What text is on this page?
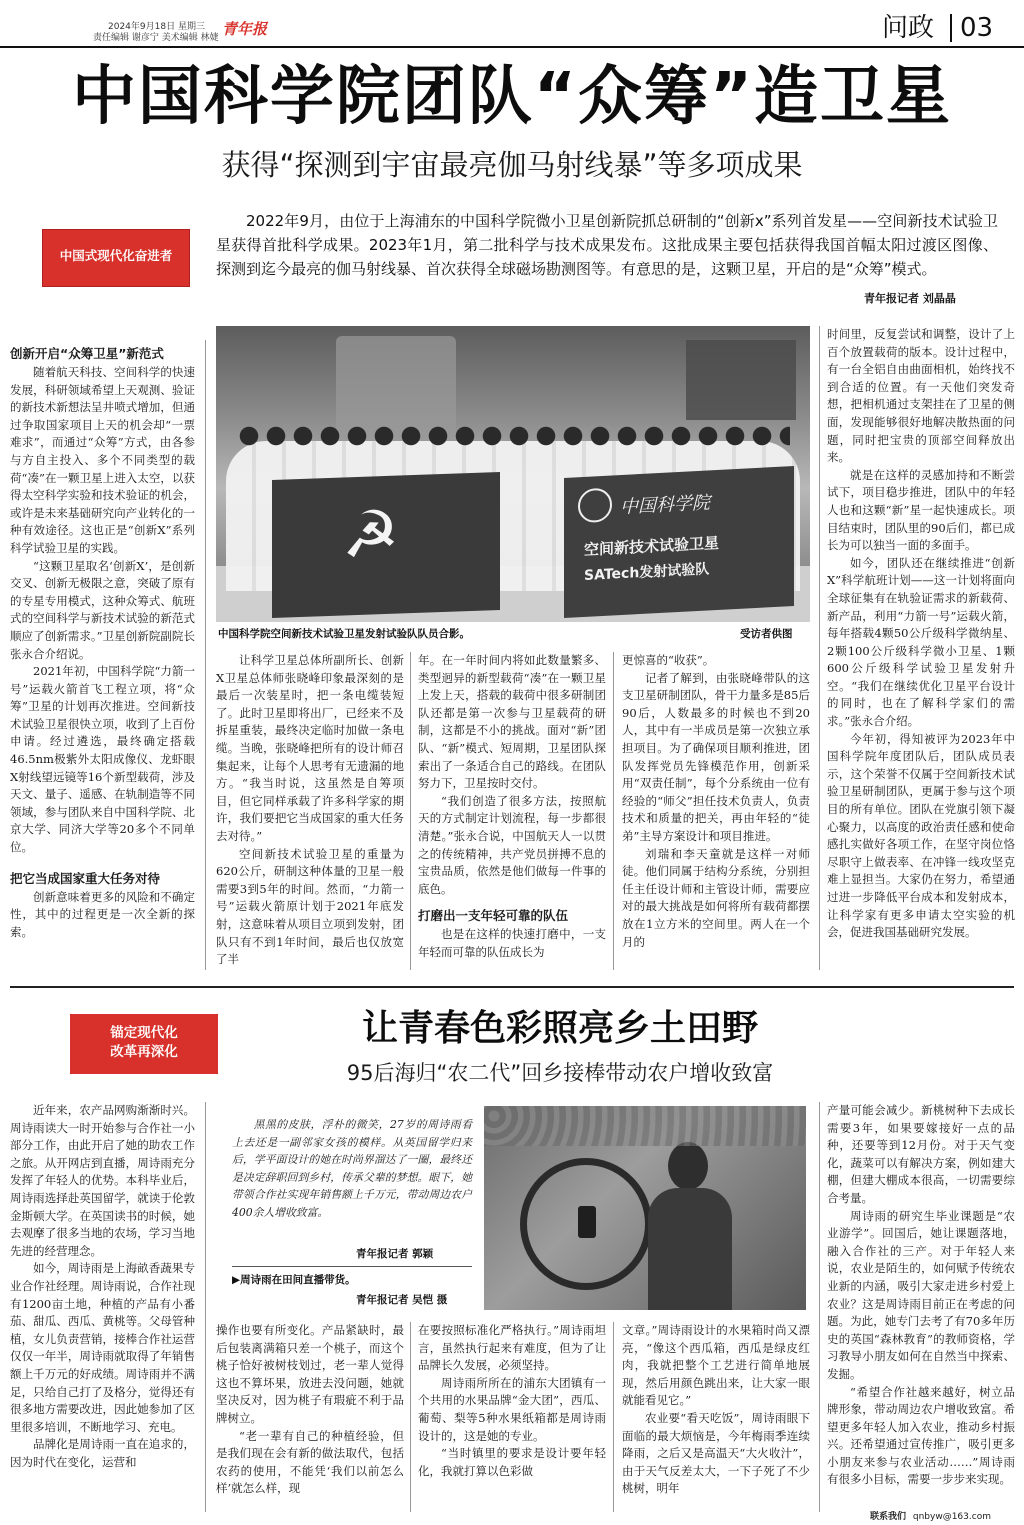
2024年9月18日 星期三
责任编辑 谢彦宁 美术编辑 林婕 青年报	问政 03
中国科学院团队“众筹”造卫星
获得“探测到宇宙最亮伽马射线暴”等多项成果
中国式现代化奋进者
2022年9月，由位于上海浦东的中国科学院微小卫星创新院抓总研制的“创新x”系列首发星——空间新技术试验卫星获得首批科学成果。2023年1月，第二批科学与技术成果发布。这批成果主要包括获得我国首幅太阳过渡区图像、探测到迄今最亮的伽马射线暴、首次获得全球磁场勘测图等。有意思的是，这颗卫星，开启的是“众筹”模式。
青年报记者 刘晶晶
创新开启“众筹卫星”新范式

随着航天科技、空间科学的快速发展，科研领域希望上天观测、验证的新技术新想法呈井喷式增加，但通过争取国家项目上天的机会却“一票难求”，而通过“众筹”方式，由各参与方自主投入、多个不同类型的载荷“凑”在一颗卫星上进入太空，以获得太空科学实验和技术验证的机会，或许是未来基础研究向产业转化的一种有效途径。这也正是“创新X”系列科学试验卫星的实践。

“这颗卫星取名‘创新X’，是创新交叉、创新无极限之意，突破了原有的专星专用模式，这种众筹式、航班式的空间科学与新技术试验的新范式顺应了创新需求。”卫星创新院副院长张永合介绍说。

2021年初，中国科学院“力箭一号”运载火箭首飞工程立项，将“众筹”卫星的计划再次推进。空间新技术试验卫星很快立项，收到了上百份申请。经过遴选，最终确定搭载46.5nm极紫外太阳成像仪、龙虾眼X射线望远镜等16个新型载荷，涉及天文、量子、遥感、在轨制造等不同领域，参与团队来自中国科学院、北京大学、同济大学等20多个不同单位。

把它当成国家重大任务对待

创新意味着更多的风险和不确定性，其中的过程更是一次全新的探索。

☭	中国科学院
空间新技术试验卫星
SATech发射试验队
中国科学院空间新技术试验卫星发射试验队队员合影。	受访者供图

让科学卫星总体所副所长、创新X卫星总体师张晓峰印象最深刻的是最后一次装星时，把一条电缆装短了。此时卫星即将出厂，已经来不及拆星重装，最终决定临时加做一条电缆。当晚，张晓峰把所有的设计师召集起来，让每个人思考有无遗漏的地方。“我当时说，这虽然是自筹项目，但它同样承载了许多科学家的期许，我们要把它当成国家的重大任务去对待。”

空间新技术试验卫星的重量为620公斤，研制这种体量的卫星一般需要3到5年的时间。然而，“力箭一号”运载火箭原计划于2021年底发射，这意味着从项目立项到发射，团队只有不到1年时间，最后也仅放宽了半

年。在一年时间内将如此数量繁多、类型迥异的新型载荷“凑”在一颗卫星上发上天，搭载的载荷中很多研制团队还都是第一次参与卫星载荷的研制，这都是不小的挑战。面对“新”团队、“新”模式、短周期，卫星团队探索出了一条适合自己的路线。在团队努力下，卫星按时交付。

“我们创造了很多方法，按照航天的方式制定计划流程，每一步都很清楚。”张永合说，中国航天人一以贯之的传统精神，共产党员拼搏不息的宝贵品质，依然是他们做每一件事的底色。

打磨出一支年轻可靠的队伍

也是在这样的快速打磨中，一支年轻而可靠的队伍成长为

更惊喜的“收获”。

记者了解到，由张晓峰带队的这支卫星研制团队，骨干力量多是85后90后，人数最多的时候也不到20人，其中有一半成员是第一次独立承担项目。为了确保项目顺利推进，团队发挥党员先锋模范作用，创新采用“双责任制”，每个分系统由一位有经验的“师父”担任技术负责人，负责技术和质量的把关，再由年轻的“徒弟”主导方案设计和项目推进。

刘瑞和李天童就是这样一对师徒。他们同属于结构分系统，分别担任主任设计师和主管设计师，需要应对的最大挑战是如何将所有载荷都摆放在1立方米的空间里。两人在一个月的

时间里，反复尝试和调整，设计了上百个放置载荷的版本。设计过程中，有一台全铝自由曲面相机，始终找不到合适的位置。有一天他们突发奇想，把相机通过支架挂在了卫星的侧面，发现能够很好地解决散热面的问题，同时把宝贵的顶部空间释放出来。

就是在这样的灵感加持和不断尝试下，项目稳步推进，团队中的年轻人也和这颗“新”星一起快速成长。项目结束时，团队里的90后们，都已成长为可以独当一面的多面手。

如今，团队还在继续推进“创新X”科学航班计划——这一计划将面向全球征集有在轨验证需求的新载荷、新产品，利用“力箭一号”运载火箭，每年搭载4颗50公斤级科学微纳星、2颗100公斤级科学微小卫星、1颗600公斤级科学试验卫星发射升空。“我们在继续优化卫星平台设计的同时，也在了解科学家们的需求。”张永合介绍。

今年初，得知被评为2023年中国科学院年度团队后，团队成员表示，这个荣誉不仅属于空间新技术试验卫星研制团队，更属于参与这个项目的所有单位。团队在党旗引领下凝心聚力，以高度的政治责任感和使命感扎实做好各项工作，在坚守岗位恪尽职守上做表率、在冲锋一线攻坚克难上显担当。大家仍在努力，希望通过进一步降低平台成本和发射成本，让科学家有更多申请太空实验的机会，促进我国基础研究发展。

锚定现代化
改革再深化
让青春色彩照亮乡土田野
95后海归“农二代”回乡接棒带动农户增收致富
黑黑的皮肤，浮朴的微笑，27岁的周诗雨看上去还是一副邻家女孩的模样。从英国留学归来后，学平面设计的她在时尚界溜达了一圈，最终还是决定辞职回到乡村，传承父辈的梦想。眼下，她带领合作社实现年销售额上千万元，带动周边农户400余人增收致富。
青年报记者 郭颖
▶周诗雨在田间直播带货。
青年报记者 吴恺 摄

近年来，农产品网购渐渐时兴。周诗雨读大一时开始参与合作社一小部分工作，由此开启了她的助农工作之旅。从开网店到直播，周诗雨充分发挥了年轻人的优势。本科毕业后，周诗雨选择赴英国留学，就读于伦敦金斯顿大学。在英国读书的时候，她去观摩了很多当地的农场，学习当地先进的经营理念。

如今，周诗雨是上海畝香蔬果专业合作社经理。周诗雨说，合作社现有1200亩土地，种植的产品有小番茄、甜瓜、西瓜、黄桃等。父母管种植，女儿负责营销，接棒合作社运营仅仅一年半，周诗雨就取得了年销售额上千万元的好成绩。周诗雨并不满足，只给自己打了及格分，觉得还有很多地方需要改进，因此她参加了区里很多培训，不断地学习、充电。

品牌化是周诗雨一直在追求的，因为时代在变化，运营和

操作也要有所变化。产品紧缺时，最后包装离满箱只差一个桃子，而这个桃子恰好被树枝划过，老一辈人觉得这也不算坏果，放进去没问题，她就坚决反对，因为桃子有瑕疵不利于品牌树立。

“老一辈有自己的种植经验，但是我们现在会有新的做法取代，包括农药的使用，不能凭‘我们以前怎么样’就怎么样，现

在要按照标准化严格执行。”周诗雨坦言，虽然执行起来有难度，但为了让品牌长久发展，必须坚持。

周诗雨所所在的浦东大团镇有一个共用的水果品牌“金大团”，西瓜、葡萄、梨等5种水果纸箱都是周诗雨设计的，这是她的专业。

“当时镇里的要求是设计要年轻化，我就打算以色彩做

文章。”周诗雨设计的水果箱时尚又漂亮，“像这个西瓜箱，西瓜是绿皮红肉，我就把整个工艺进行简单地展现，然后用颜色跳出来，让大家一眼就能看见它。”

农业要“看天吃饭”，周诗雨眼下面临的最大烦恼是，今年梅雨季连续降雨，之后又是高温天“大火收汁”，由于天气反差太大，一下子死了不少桃树，明年

产量可能会减少。新桃树种下去成长需要3年，如果要嫁接好一点的品种，还要等到12月份。对于天气变化，蔬菜可以有解决方案，例如建大棚，但建大棚成本很高，一切需要综合考量。

周诗雨的研究生毕业课题是“农业游学”。回国后，她让课题落地，融入合作社的三产。对于年轻人来说，农业是陌生的，如何赋予传统农业新的内涵，吸引大家走进乡村爱上农业？这是周诗雨目前正在考虑的问题。为此，她专门去考了有70多年历史的英国“森林教育”的教师资格，学习教导小朋友如何在自然当中探索、发掘。

“希望合作社越来越好，树立品牌形象，带动周边农户增收致富。希望更多年轻人加入农业，推动乡村振兴。还希望通过宣传推广，吸引更多小朋友来参与农业活动……”周诗雨有很多小目标，需要一步步来实现。

联系我们 qnbyw@163.com
